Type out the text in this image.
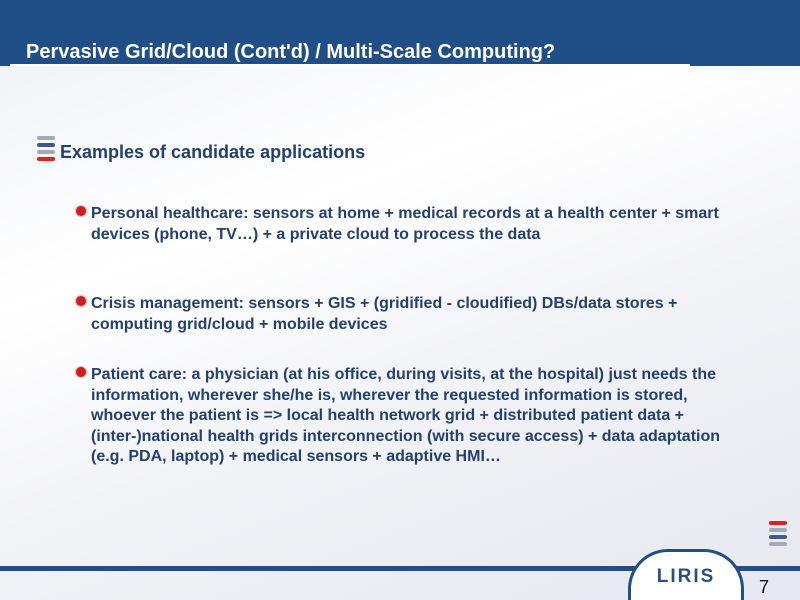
Pervasive Grid/Cloud (Cont'd) / Multi-Scale Computing?
Examples of candidate applications
Personal healthcare: sensors at home + medical records at a health center + smart devices (phone, TV…) + a private cloud to process the data
Crisis management: sensors + GIS + (gridified - cloudified) DBs/data stores + computing grid/cloud + mobile devices
Patient care: a physician (at his office, during visits, at the hospital) just needs the information, wherever she/he is, wherever the requested information is stored, whoever the patient is => local health network grid + distributed patient data + (inter-)national health grids interconnection (with secure access) + data adaptation (e.g. PDA, laptop) + medical sensors + adaptive HMI…
LIRIS	7
